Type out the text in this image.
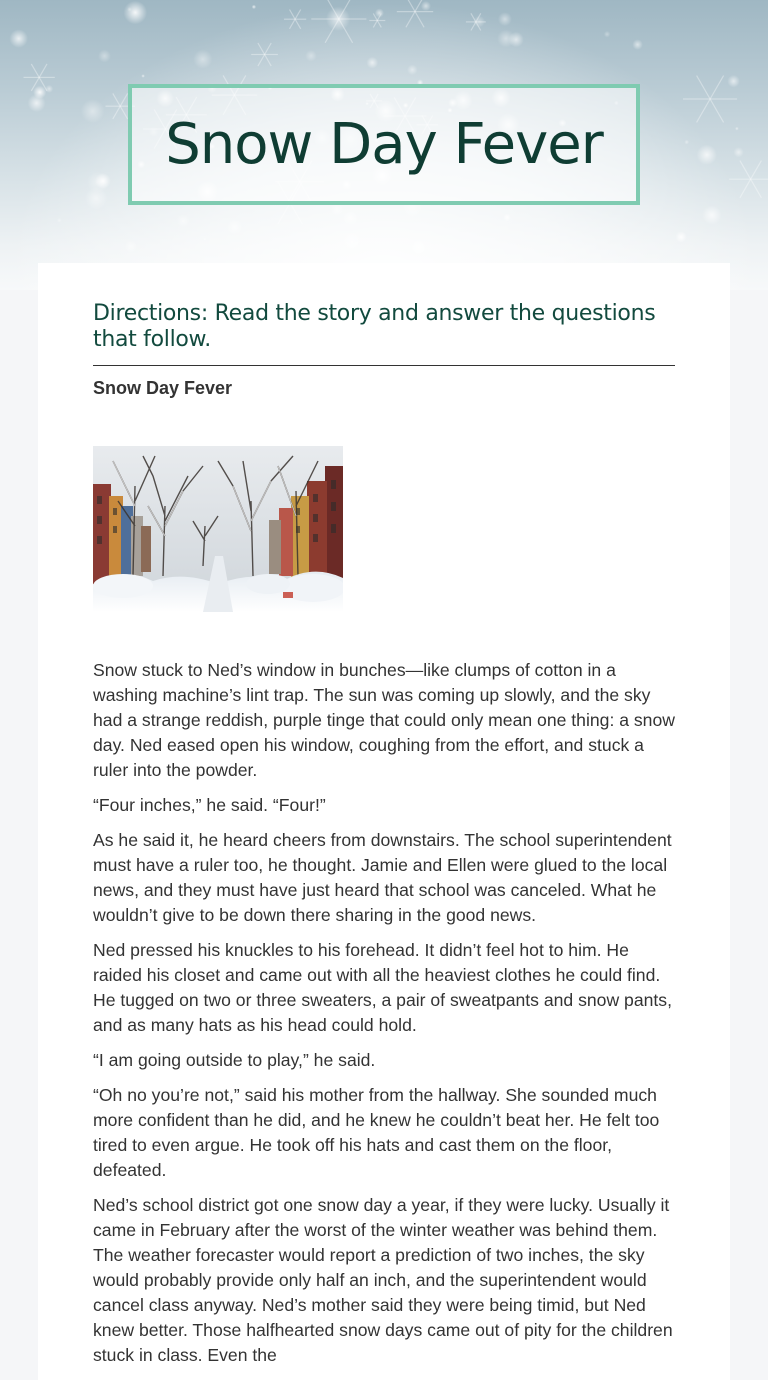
Snow Day Fever
Directions: Read the story and answer the questions that follow.
Snow Day Fever

Snow stuck to Ned’s window in bunches—like clumps of cotton in a washing machine’s lint trap. The sun was coming up slowly, and the sky had a strange reddish, purple tinge that could only mean one thing: a snow day. Ned eased open his window, coughing from the effort, and stuck a ruler into the powder.

“Four inches,” he said. “Four!”

As he said it, he heard cheers from downstairs. The school superintendent must have a ruler too, he thought. Jamie and Ellen were glued to the local news, and they must have just heard that school was canceled. What he wouldn’t give to be down there sharing in the good news.

Ned pressed his knuckles to his forehead. It didn’t feel hot to him. He raided his closet and came out with all the heaviest clothes he could find. He tugged on two or three sweaters, a pair of sweatpants and snow pants, and as many hats as his head could hold.

“I am going outside to play,” he said.

“Oh no you’re not,” said his mother from the hallway. She sounded much more confident than he did, and he knew he couldn’t beat her. He felt too tired to even argue. He took off his hats and cast them on the floor, defeated.

Ned’s school district got one snow day a year, if they were lucky. Usually it came in February after the worst of the winter weather was behind them. The weather forecaster would report a prediction of two inches, the sky would probably provide only half an inch, and the superintendent would cancel class anyway. Ned’s mother said they were being timid, but Ned knew better. Those halfhearted snow days came out of pity for the children stuck in class. Even the
